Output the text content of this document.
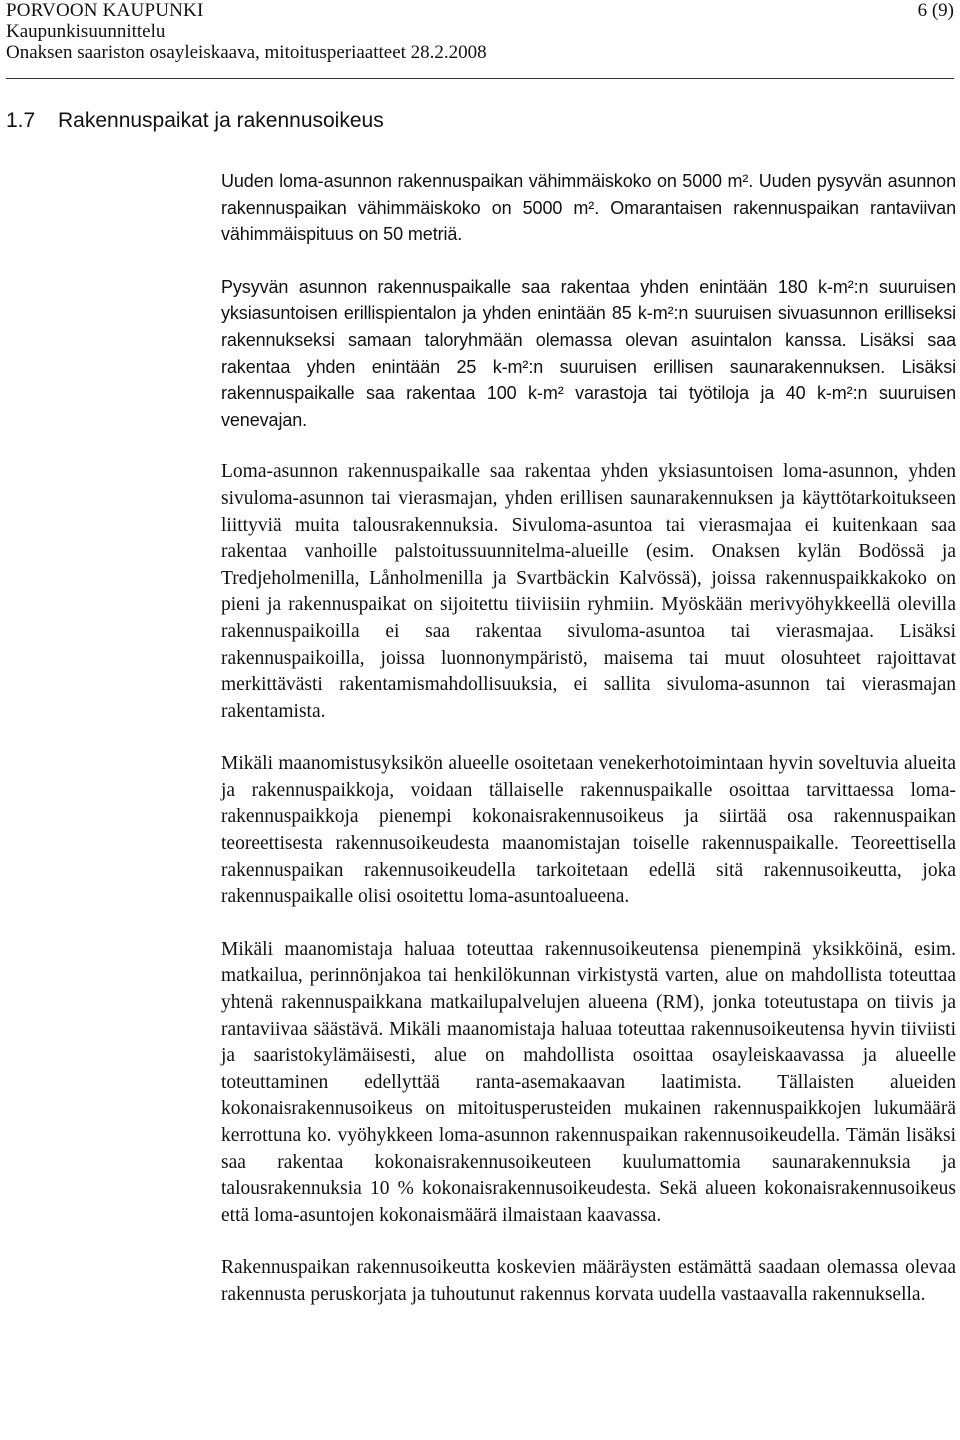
PORVOON KAUPUNKI
Kaupunkisuunnittelu
Onaksen saariston osayleiskaava, mitoitusperiaatteet 28.2.2008
6 (9)
1.7 Rakennuspaikat ja rakennusoikeus

Uuden loma-asunnon rakennuspaikan vähimmäiskoko on 5000 m². Uuden pysyvän asunnon rakennuspaikan vähimmäiskoko on 5000 m². Omarantaisen rakennuspaikan rantaviivan vähimmäispituus on 50 metriä.

Pysyvän asunnon rakennuspaikalle saa rakentaa yhden enintään 180 k-m²:n suuruisen yksiasuntoisen erillispientalon ja yhden enintään 85 k-m²:n suuruisen sivuasunnon erilliseksi rakennukseksi samaan taloryhmään olemassa olevan asuintalon kanssa. Lisäksi saa rakentaa yhden enintään 25 k-m²:n suuruisen erillisen saunarakennuksen. Lisäksi rakennuspaikalle saa rakentaa 100 k-m² varastoja tai työtiloja ja 40 k-m²:n suuruisen venevajan.

Loma-asunnon rakennuspaikalle saa rakentaa yhden yksiasuntoisen loma-asunnon, yhden sivuloma-asunnon tai vierasmajan, yhden erillisen saunarakennuksen ja käyttötarkoitukseen liittyviä muita talousrakennuksia. Sivuloma-asuntoa tai vierasmajaa ei kuitenkaan saa rakentaa vanhoille palstoitussuunnitelma-alueille (esim. Onaksen kylän Bodössä ja Tredjeholmenilla, Lånholmenilla ja Svartbäckin Kalvössä), joissa rakennuspaikkakoko on pieni ja rakennuspaikat on sijoitettu tiiviisiin ryhmiin. Myöskään merivyöhykkeellä olevilla rakennuspaikoilla ei saa rakentaa sivuloma-asuntoa tai vierasmajaa. Lisäksi rakennuspaikoilla, joissa luonnonympäristö, maisema tai muut olosuhteet rajoittavat merkittävästi rakentamismahdollisuuksia, ei sallita sivuloma-asunnon tai vierasmajan rakentamista.

Mikäli maanomistusyksikön alueelle osoitetaan venekerhotoimintaan hyvin soveltuvia alueita ja rakennuspaikkoja, voidaan tällaiselle rakennuspaikalle osoittaa tarvittaessa loma-rakennuspaikkoja pienempi kokonaisrakennusoikeus ja siirtää osa rakennuspaikan teoreettisesta rakennusoikeudesta maanomistajan toiselle rakennuspaikalle. Teoreettisella rakennuspaikan rakennusoikeudella tarkoitetaan edellä sitä rakennusoikeutta, joka rakennuspaikalle olisi osoitettu loma-asuntoalueena.

Mikäli maanomistaja haluaa toteuttaa rakennusoikeutensa pienempinä yksikköinä, esim. matkailua, perinnönjakoa tai henkilökunnan virkistystä varten, alue on mahdollista toteuttaa yhtenä rakennuspaikkana matkailupalvelujen alueena (RM), jonka toteutustapa on tiivis ja rantaviivaa säästävä. Mikäli maanomistaja haluaa toteuttaa rakennusoikeutensa hyvin tiiviisti ja saaristokylämäisesti, alue on mahdollista osoittaa osayleiskaavassa ja alueelle toteuttaminen edellyttää ranta-asemakaavan laatimista. Tällaisten alueiden kokonaisrakennusoikeus on mitoitusperusteiden mukainen rakennuspaikkojen lukumäärä kerrottuna ko. vyöhykkeen loma-asunnon rakennuspaikan rakennusoikeudella. Tämän lisäksi saa rakentaa kokonaisrakennusoikeuteen kuulumattomia saunarakennuksia ja talousrakennuksia 10 % kokonaisrakennusoikeudesta. Sekä alueen kokonaisrakennusoikeus että loma-asuntojen kokonaismäärä ilmaistaan kaavassa.

Rakennuspaikan rakennusoikeutta koskevien määräysten estämättä saadaan olemassa olevaa rakennusta peruskorjata ja tuhoutunut rakennus korvata uudella vastaavalla rakennuksella.
